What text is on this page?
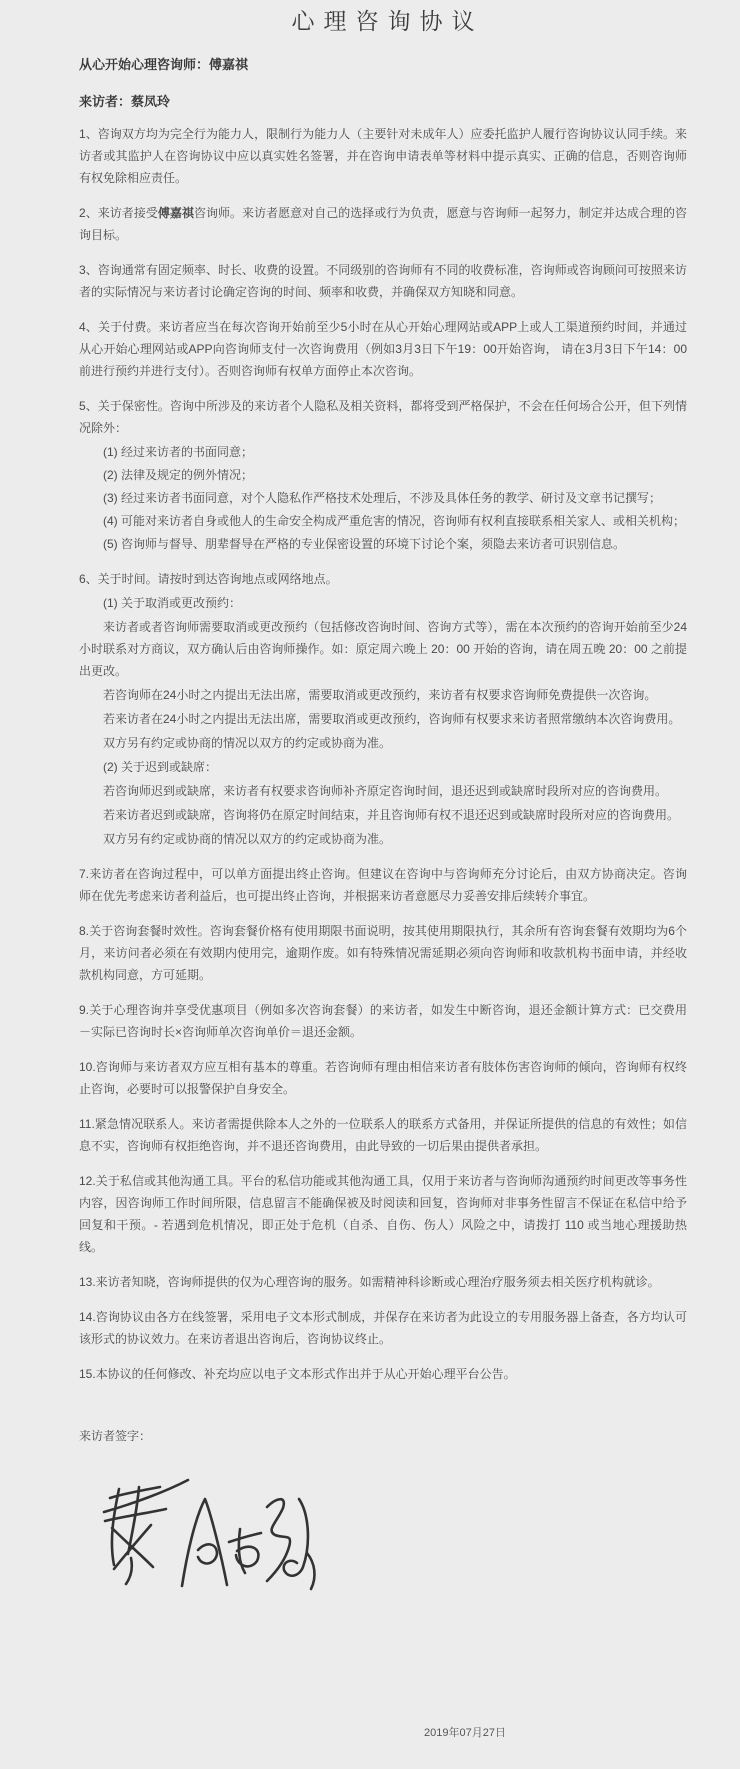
心理咨询协议

从心开始心理咨询师：傅嘉祺

来访者：蔡凤玲

1、咨询双方均为完全行为能力人，限制行为能力人（主要针对未成年人）应委托监护人履行咨询协议认同手续。来访者或其监护人在咨询协议中应以真实姓名签署，并在咨询申请表单等材料中提示真实、正确的信息，否则咨询师有权免除相应责任。

2、来访者接受傅嘉祺咨询师。来访者愿意对自己的选择或行为负责，愿意与咨询师一起努力，制定并达成合理的咨询目标。

3、咨询通常有固定频率、时长、收费的设置。不同级别的咨询师有不同的收费标准，咨询师或咨询顾问可按照来访者的实际情况与来访者讨论确定咨询的时间、频率和收费，并确保双方知晓和同意。

4、关于付费。来访者应当在每次咨询开始前至少5小时在从心开始心理网站或APP上或人工渠道预约时间，并通过从心开始心理网站或APP向咨询师支付一次咨询费用（例如3月3日下午19：00开始咨询， 请在3月3日下午14：00前进行预约并进行支付）。否则咨询师有权单方面停止本次咨询。

5、关于保密性。咨询中所涉及的来访者个人隐私及相关资料，都将受到严格保护，不会在任何场合公开，但下列情况除外：

(1) 经过来访者的书面同意；

(2) 法律及规定的例外情况；

(3) 经过来访者书面同意，对个人隐私作严格技术处理后，不涉及具体任务的教学、研讨及文章书记撰写；

(4) 可能对来访者自身或他人的生命安全构成严重危害的情况，咨询师有权利直接联系相关家人、或相关机构；

(5) 咨询师与督导、朋辈督导在严格的专业保密设置的环境下讨论个案，须隐去来访者可识别信息。

6、关于时间。请按时到达咨询地点或网络地点。

(1) 关于取消或更改预约：

来访者或者咨询师需要取消或更改预约（包括修改咨询时间、咨询方式等），需在本次预约的咨询开始前至少24小时联系对方商议，双方确认后由咨询师操作。如：原定周六晚上 20：00 开始的咨询，请在周五晚 20：00 之前提出更改。

若咨询师在24小时之内提出无法出席，需要取消或更改预约，来访者有权要求咨询师免费提供一次咨询。

若来访者在24小时之内提出无法出席，需要取消或更改预约，咨询师有权要求来访者照常缴纳本次咨询费用。

双方另有约定或协商的情况以双方的约定或协商为准。

(2) 关于迟到或缺席：

若咨询师迟到或缺席，来访者有权要求咨询师补齐原定咨询时间，退还迟到或缺席时段所对应的咨询费用。

若来访者迟到或缺席，咨询将仍在原定时间结束，并且咨询师有权不退还迟到或缺席时段所对应的咨询费用。

双方另有约定或协商的情况以双方的约定或协商为准。

7.来访者在咨询过程中，可以单方面提出终止咨询。但建议在咨询中与咨询师充分讨论后，由双方协商决定。咨询师在优先考虑来访者利益后，也可提出终止咨询，并根据来访者意愿尽力妥善安排后续转介事宜。

8.关于咨询套餐时效性。咨询套餐价格有使用期限书面说明，按其使用期限执行，其余所有咨询套餐有效期均为6个月，来访问者必须在有效期内使用完，逾期作废。如有特殊情况需延期必须向咨询师和收款机构书面申请，并经收款机构同意，方可延期。

9.关于心理咨询并享受优惠项目（例如多次咨询套餐）的来访者，如发生中断咨询，退还金额计算方式：已交费用－实际已咨询时长×咨询师单次咨询单价＝退还金额。

10.咨询师与来访者双方应互相有基本的尊重。若咨询师有理由相信来访者有肢体伤害咨询师的倾向，咨询师有权终止咨询，必要时可以报警保护自身安全。

11.紧急情况联系人。来访者需提供除本人之外的一位联系人的联系方式备用，并保证所提供的信息的有效性；如信息不实，咨询师有权拒绝咨询，并不退还咨询费用，由此导致的一切后果由提供者承担。

12.关于私信或其他沟通工具。平台的私信功能或其他沟通工具，仅用于来访者与咨询师沟通预约时间更改等事务性内容，因咨询师工作时间所限，信息留言不能确保被及时阅读和回复，咨询师对非事务性留言不保证在私信中给予回复和干预。- 若遇到危机情况，即正处于危机（自杀、自伤、伤人）风险之中，请拨打 110 或当地心理援助热线。

13.来访者知晓，咨询师提供的仅为心理咨询的服务。如需精神科诊断或心理治疗服务须去相关医疗机构就诊。

14.咨询协议由各方在线签署，采用电子文本形式制成，并保存在来访者为此设立的专用服务器上备查，各方均认可该形式的协议效力。在来访者退出咨询后，咨询协议终止。

15.本协议的任何修改、补充均应以电子文本形式作出并于从心开始心理平台公告。

来访者签字：

2019年07月27日
